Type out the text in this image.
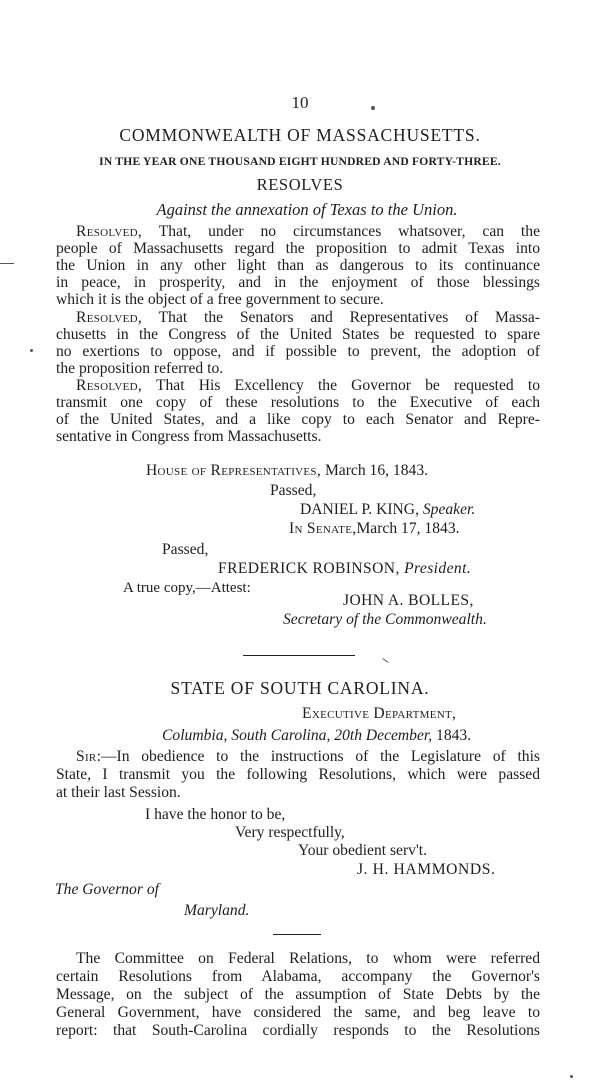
10
COMMONWEALTH OF MASSACHUSETTS.
IN THE YEAR ONE THOUSAND EIGHT HUNDRED AND FORTY-THREE.
RESOLVES
Against the annexation of Texas to the Union.
Resolved, That, under no circumstances whatsover, can the
people of Massachusetts regard the proposition to admit Texas into
the Union in any other light than as dangerous to its continuance
in peace, in prosperity, and in the enjoyment of those blessings
which it is the object of a free government to secure.
Resolved, That the Senators and Representatives of Massa-
chusetts in the Congress of the United States be requested to spare
no exertions to oppose, and if possible to prevent, the adoption of
the proposition referred to.
Resolved, That His Excellency the Governor be requested to
transmit one copy of these resolutions to the Executive of each
of the United States, and a like copy to each Senator and Repre-
sentative in Congress from Massachusetts.
House of Representatives, March 16, 1843.
Passed,
DANIEL P. KING, Speaker.
In Senate,March 17, 1843.
Passed,
FREDERICK ROBINSON, President.
A true copy,—Attest:
JOHN A. BOLLES,
Secretary of the Commonwealth.
STATE OF SOUTH CAROLINA.
Executive Department,
Columbia, South Carolina, 20th December, 1843.
Sir:—In obedience to the instructions of the Legislature of this
State, I transmit you the following Resolutions, which were passed
at their last Session.
I have the honor to be,
Very respectfully,
Your obedient serv't.
J. H. HAMMONDS.
The Governor of
Maryland.
The Committee on Federal Relations, to whom were referred
certain Resolutions from Alabama, accompany the Governor's
Message, on the subject of the assumption of State Debts by the
General Government, have considered the same, and beg leave to
report: that South-Carolina cordially responds to the Resolutions
